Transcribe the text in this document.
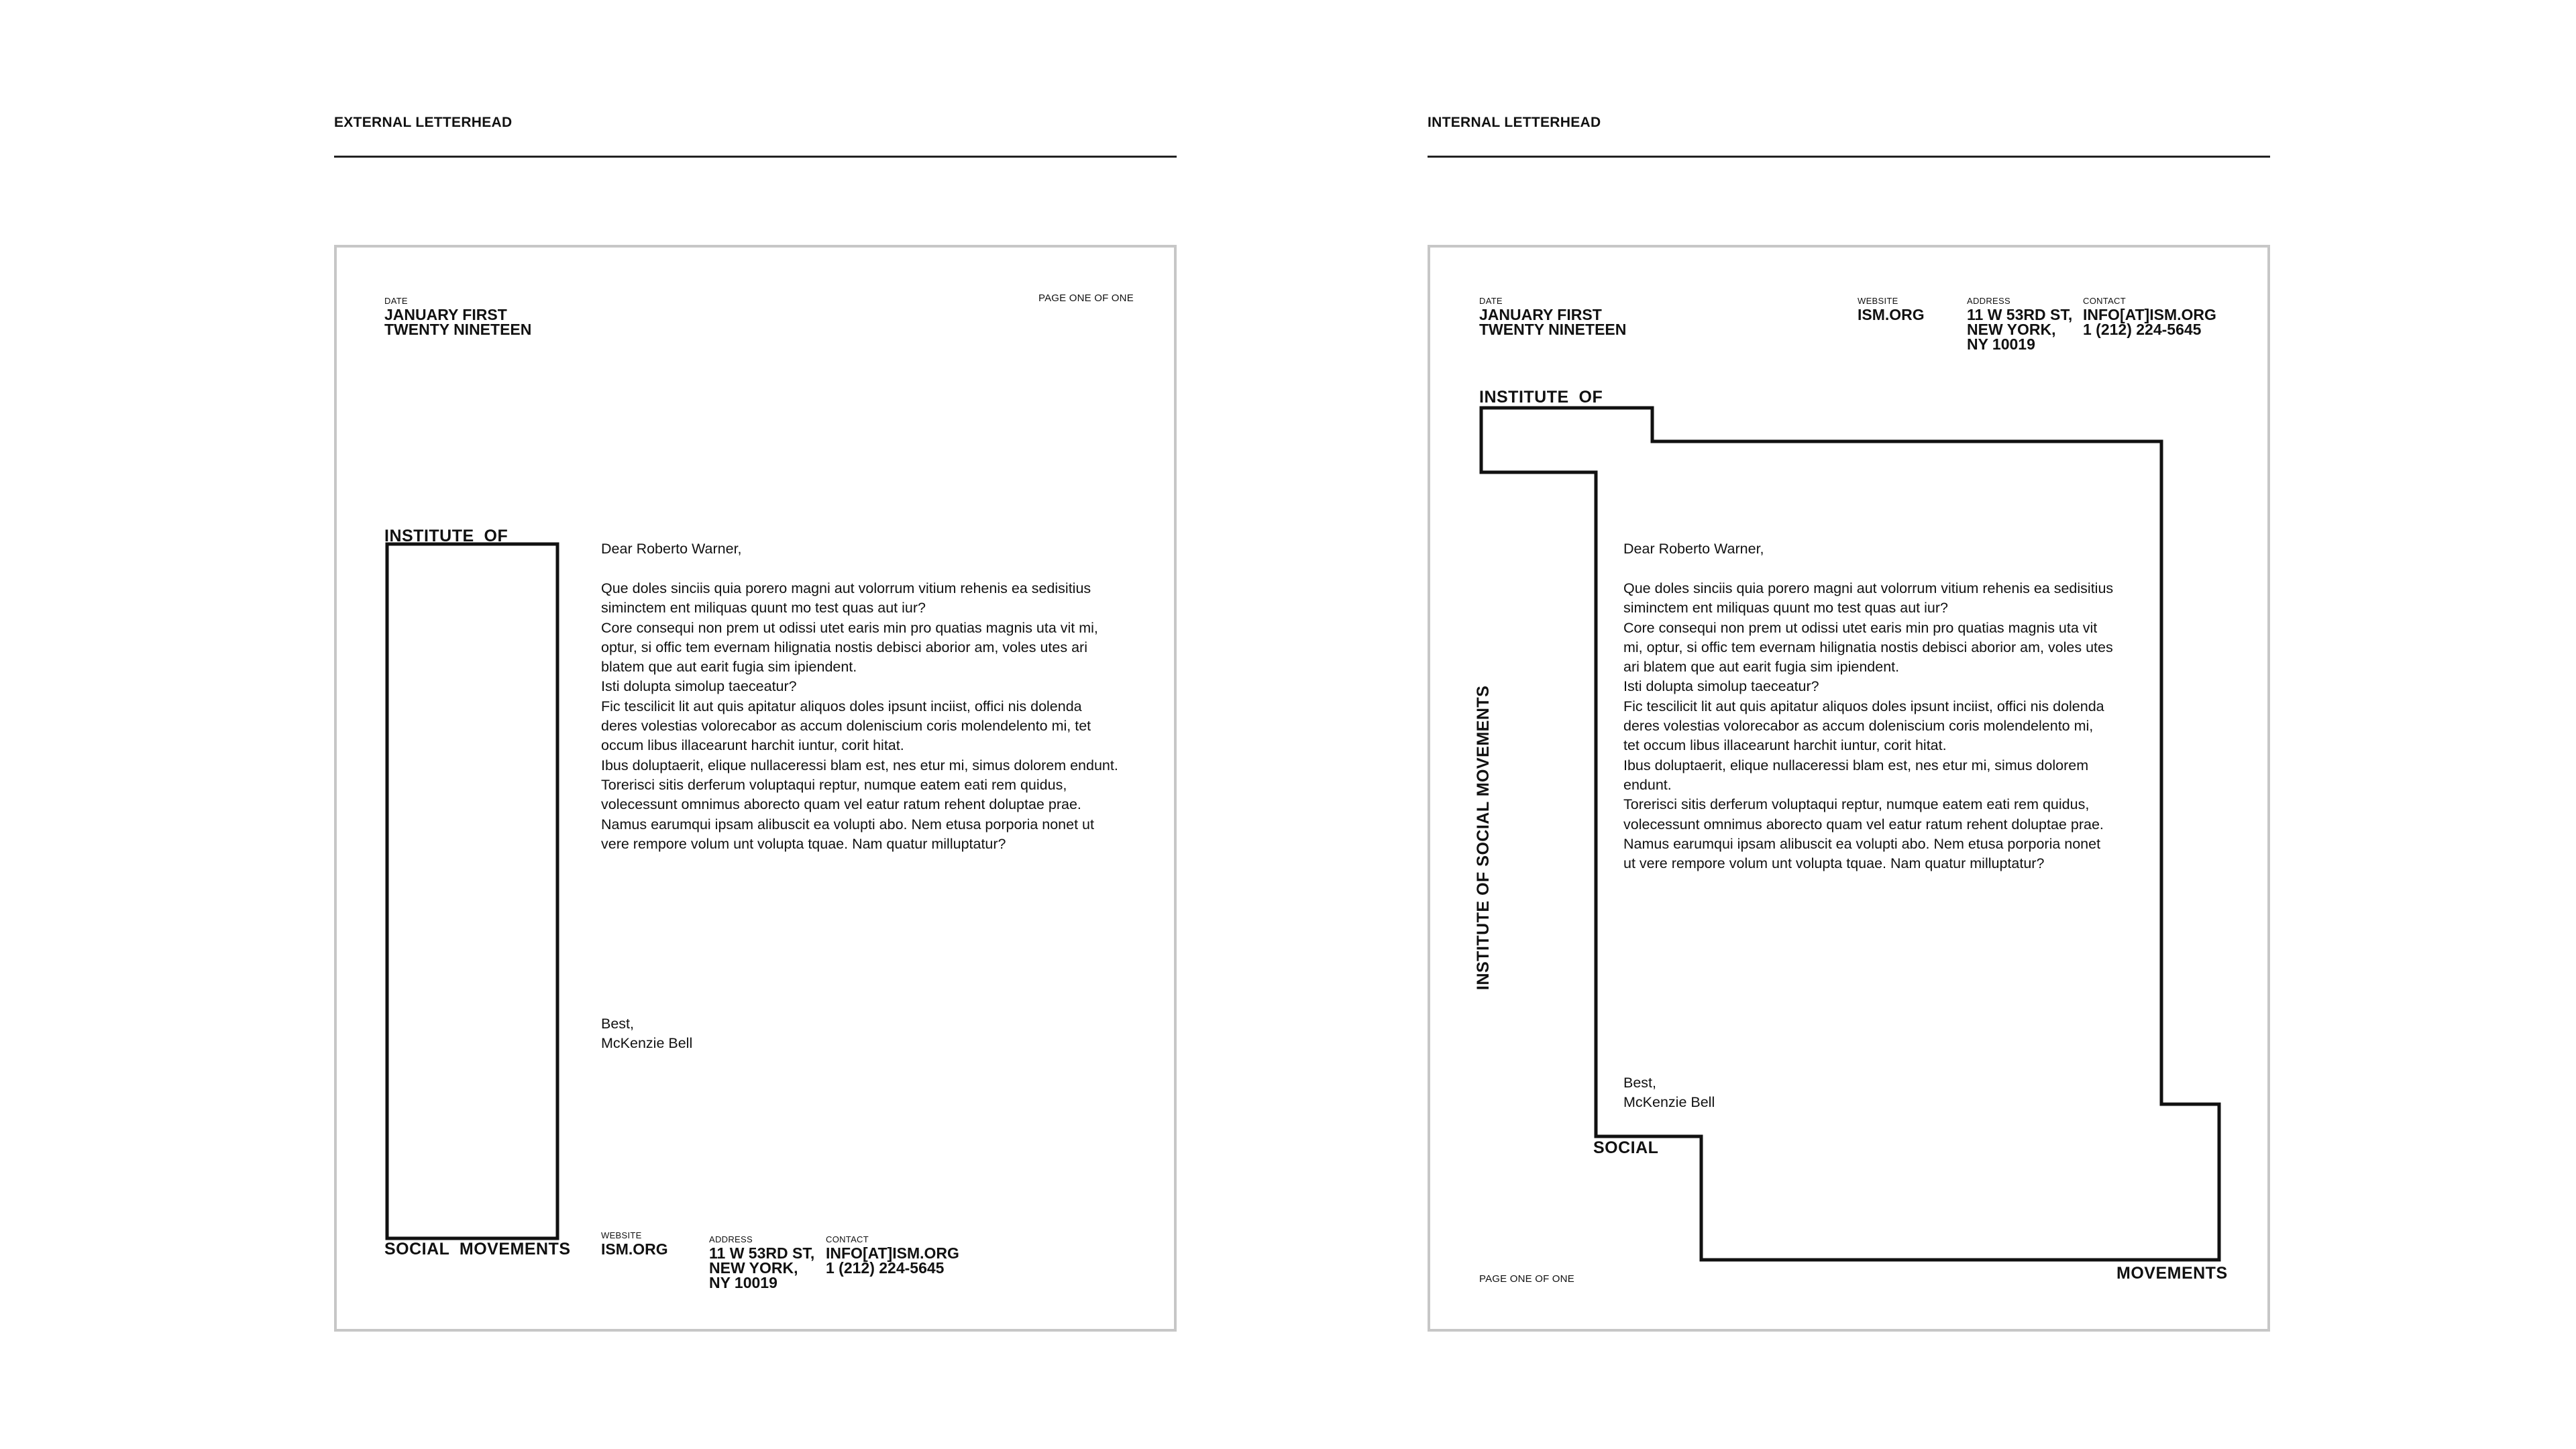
EXTERNAL LETTERHEAD
DATE
JANUARY FIRST
TWENTY NINETEEN
PAGE ONE OF ONE
INSTITUTE  OF
SOCIAL  MOVEMENTS
Dear Roberto Warner,
Que doles sinciis quia porero magni aut volorrum vitium rehenis ea sedisitius
siminctem ent miliquas quunt mo test quas aut iur?
Core consequi non prem ut odissi utet earis min pro quatias magnis uta vit mi,
optur, si offic tem evernam hilignatia nostis debisci aborior am, voles utes ari
blatem que aut earit fugia sim ipiendent.
Isti dolupta simolup taeceatur?
Fic tescilicit lit aut quis apitatur aliquos doles ipsunt inciist, offici nis dolenda
deres volestias volorecabor as accum doleniscium coris molendelento mi, tet
occum libus illacearunt harchit iuntur, corit hitat.
Ibus doluptaerit, elique nullaceressi blam est, nes etur mi, simus dolorem endunt.
Torerisci sitis derferum voluptaqui reptur, numque eatem eati rem quidus,
volecessunt omnimus aborecto quam vel eatur ratum rehent doluptae prae.
Namus earumqui ipsam alibuscit ea volupti abo. Nem etusa porporia nonet ut
vere rempore volum unt volupta tquae. Nam quatur milluptatur?
Best,
McKenzie Bell
WEBSITE
ISM.ORG
ADDRESS
11 W 53RD ST,
NEW YORK,
NY 10019
CONTACT
INFO[AT]ISM.ORG
1 (212) 224-5645
INTERNAL LETTERHEAD
DATE
JANUARY FIRST
TWENTY NINETEEN
WEBSITE
ISM.ORG
ADDRESS
11 W 53RD ST,
NEW YORK,
NY 10019
CONTACT
INFO[AT]ISM.ORG
1 (212) 224-5645
INSTITUTE  OF
INSTITUTE OF SOCIAL MOVEMENTS
SOCIAL
MOVEMENTS
Dear Roberto Warner,
Que doles sinciis quia porero magni aut volorrum vitium rehenis ea sedisitius
siminctem ent miliquas quunt mo test quas aut iur?
Core consequi non prem ut odissi utet earis min pro quatias magnis uta vit
mi, optur, si offic tem evernam hilignatia nostis debisci aborior am, voles utes
ari blatem que aut earit fugia sim ipiendent.
Isti dolupta simolup taeceatur?
Fic tescilicit lit aut quis apitatur aliquos doles ipsunt inciist, offici nis dolenda
deres volestias volorecabor as accum doleniscium coris molendelento mi,
tet occum libus illacearunt harchit iuntur, corit hitat.
Ibus doluptaerit, elique nullaceressi blam est, nes etur mi, simus dolorem
endunt.
Torerisci sitis derferum voluptaqui reptur, numque eatem eati rem quidus,
volecessunt omnimus aborecto quam vel eatur ratum rehent doluptae prae.
Namus earumqui ipsam alibuscit ea volupti abo. Nem etusa porporia nonet
ut vere rempore volum unt volupta tquae. Nam quatur milluptatur?
Best,
McKenzie Bell
PAGE ONE OF ONE
